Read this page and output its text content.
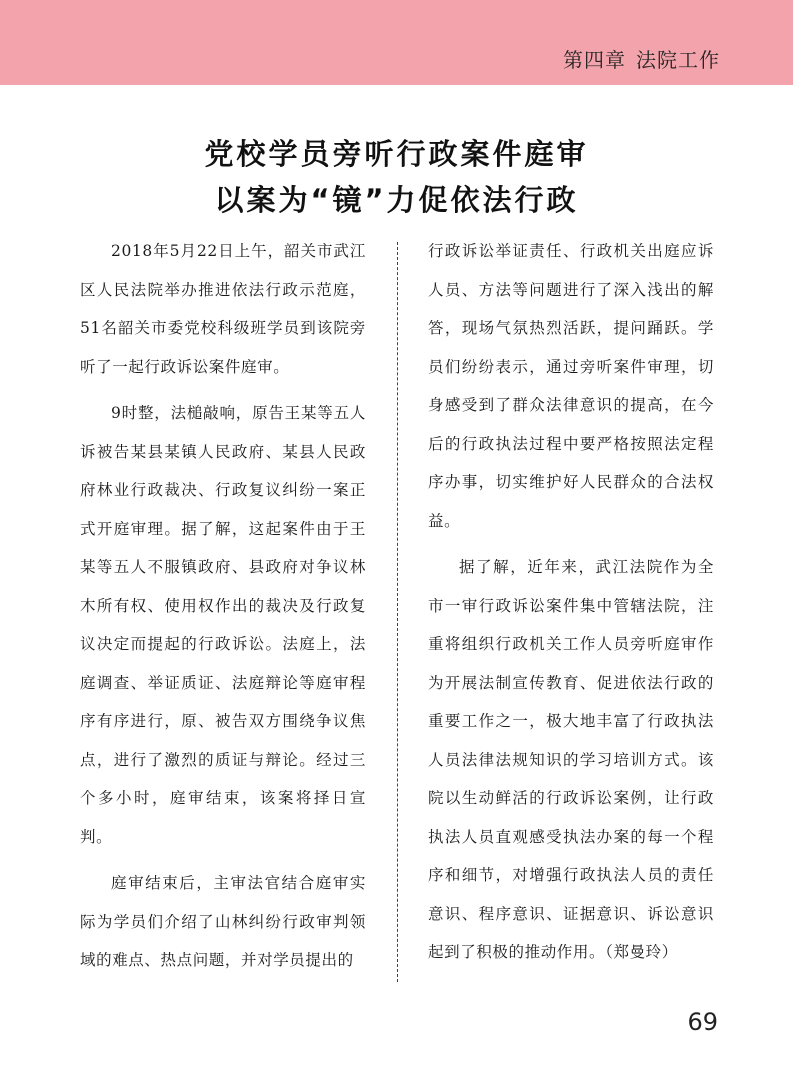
第四章 法院工作
党校学员旁听行政案件庭审
以案为“镜”力促依法行政

2018年5月22日上午，韶关市武江区人民法院举办推进依法行政示范庭，51名韶关市委党校科级班学员到该院旁听了一起行政诉讼案件庭审。

9时整，法槌敲响，原告王某等五人诉被告某县某镇人民政府、某县人民政府林业行政裁决、行政复议纠纷一案正式开庭审理。据了解，这起案件由于王某等五人不服镇政府、县政府对争议林木所有权、使用权作出的裁决及行政复议决定而提起的行政诉讼。法庭上，法庭调查、举证质证、法庭辩论等庭审程序有序进行，原、被告双方围绕争议焦点，进行了激烈的质证与辩论。经过三个多小时，庭审结束，该案将择日宣判。

庭审结束后，主审法官结合庭审实际为学员们介绍了山林纠纷行政审判领域的难点、热点问题，并对学员提出的

行政诉讼举证责任、行政机关出庭应诉人员、方法等问题进行了深入浅出的解答，现场气氛热烈活跃，提问踊跃。学员们纷纷表示，通过旁听案件审理，切身感受到了群众法律意识的提高，在今后的行政执法过程中要严格按照法定程序办事，切实维护好人民群众的合法权益。

据了解，近年来，武江法院作为全市一审行政诉讼案件集中管辖法院，注重将组织行政机关工作人员旁听庭审作为开展法制宣传教育、促进依法行政的重要工作之一，极大地丰富了行政执法人员法律法规知识的学习培训方式。该院以生动鲜活的行政诉讼案例，让行政执法人员直观感受执法办案的每一个程序和细节，对增强行政执法人员的责任意识、程序意识、证据意识、诉讼意识起到了积极的推动作用。（郑曼玲）

69
